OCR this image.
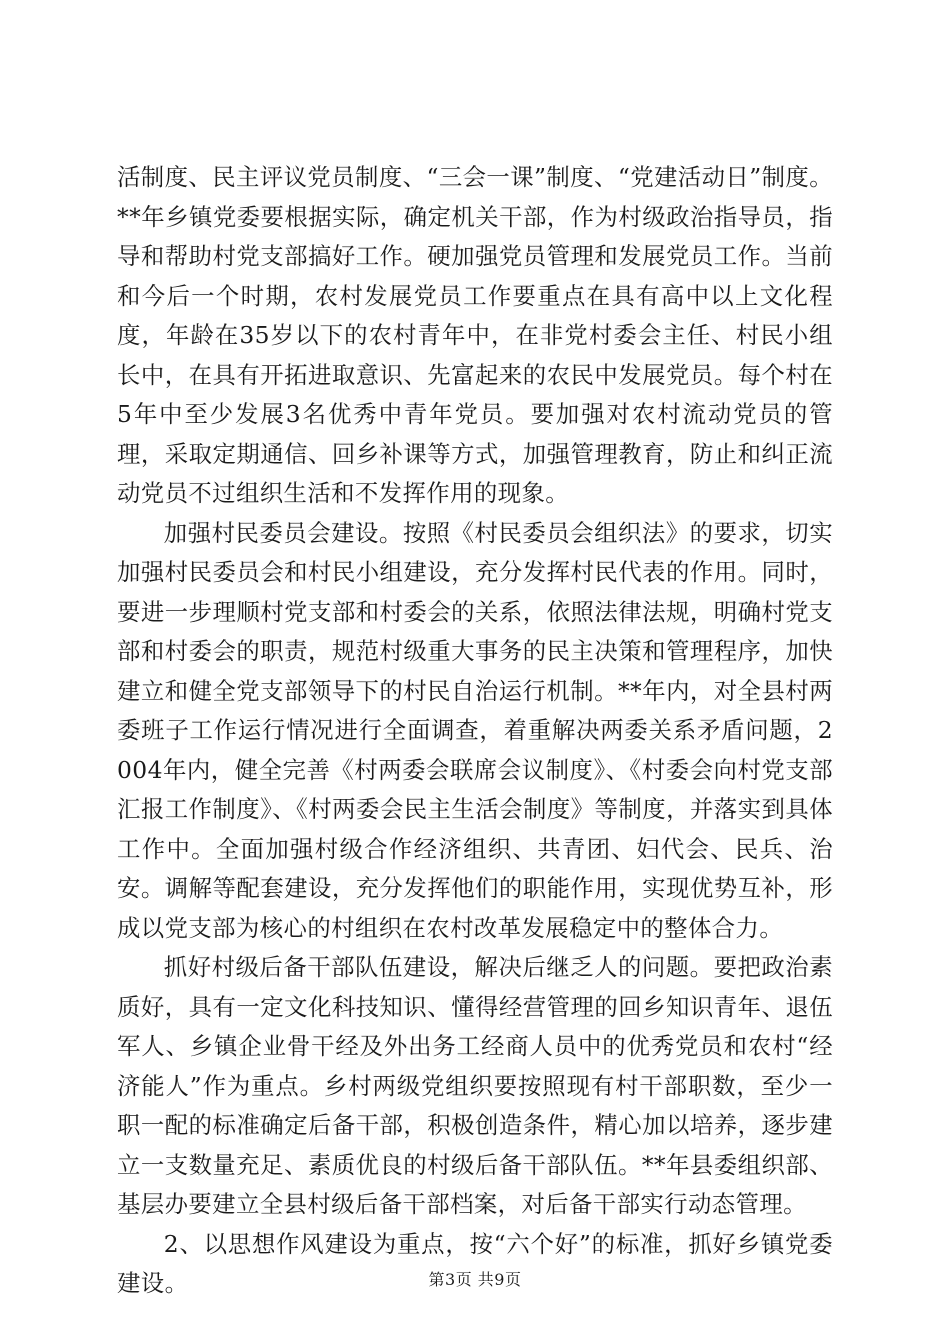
活制度、民主评议党员制度、“三会一课”制度、“党建活动日”制度。**年乡镇党委要根据实际，确定机关干部，作为村级政治指导员，指导和帮助村党支部搞好工作。硬加强党员管理和发展党员工作。当前和今后一个时期，农村发展党员工作要重点在具有高中以上文化程度，年龄在35岁以下的农村青年中，在非党村委会主任、村民小组长中，在具有开拓进取意识、先富起来的农民中发展党员。每个村在5年中至少发展3名优秀中青年党员。要加强对农村流动党员的管理，采取定期通信、回乡补课等方式，加强管理教育，防止和纠正流动党员不过组织生活和不发挥作用的现象。

加强村民委员会建设。按照《村民委员会组织法》的要求，切实加强村民委员会和村民小组建设，充分发挥村民代表的作用。同时，要进一步理顺村党支部和村委会的关系，依照法律法规，明确村党支部和村委会的职责，规范村级重大事务的民主决策和管理程序，加快建立和健全党支部领导下的村民自治运行机制。**年内，对全县村两委班子工作运行情况进行全面调查，着重解决两委关系矛盾问题，2004年内，健全完善《村两委会联席会议制度》、《村委会向村党支部汇报工作制度》、《村两委会民主生活会制度》等制度，并落实到具体工作中。全面加强村级合作经济组织、共青团、妇代会、民兵、治安。调解等配套建设，充分发挥他们的职能作用，实现优势互补，形成以党支部为核心的村组织在农村改革发展稳定中的整体合力。

抓好村级后备干部队伍建设，解决后继乏人的问题。要把政治素质好，具有一定文化科技知识、懂得经营管理的回乡知识青年、退伍军人、乡镇企业骨干经及外出务工经商人员中的优秀党员和农村“经济能人”作为重点。乡村两级党组织要按照现有村干部职数，至少一职一配的标准确定后备干部，积极创造条件，精心加以培养，逐步建立一支数量充足、素质优良的村级后备干部队伍。**年县委组织部、基层办要建立全县村级后备干部档案，对后备干部实行动态管理。

2、以思想作风建设为重点，按“六个好”的标准，抓好乡镇党委建设。	第3页 共9页
